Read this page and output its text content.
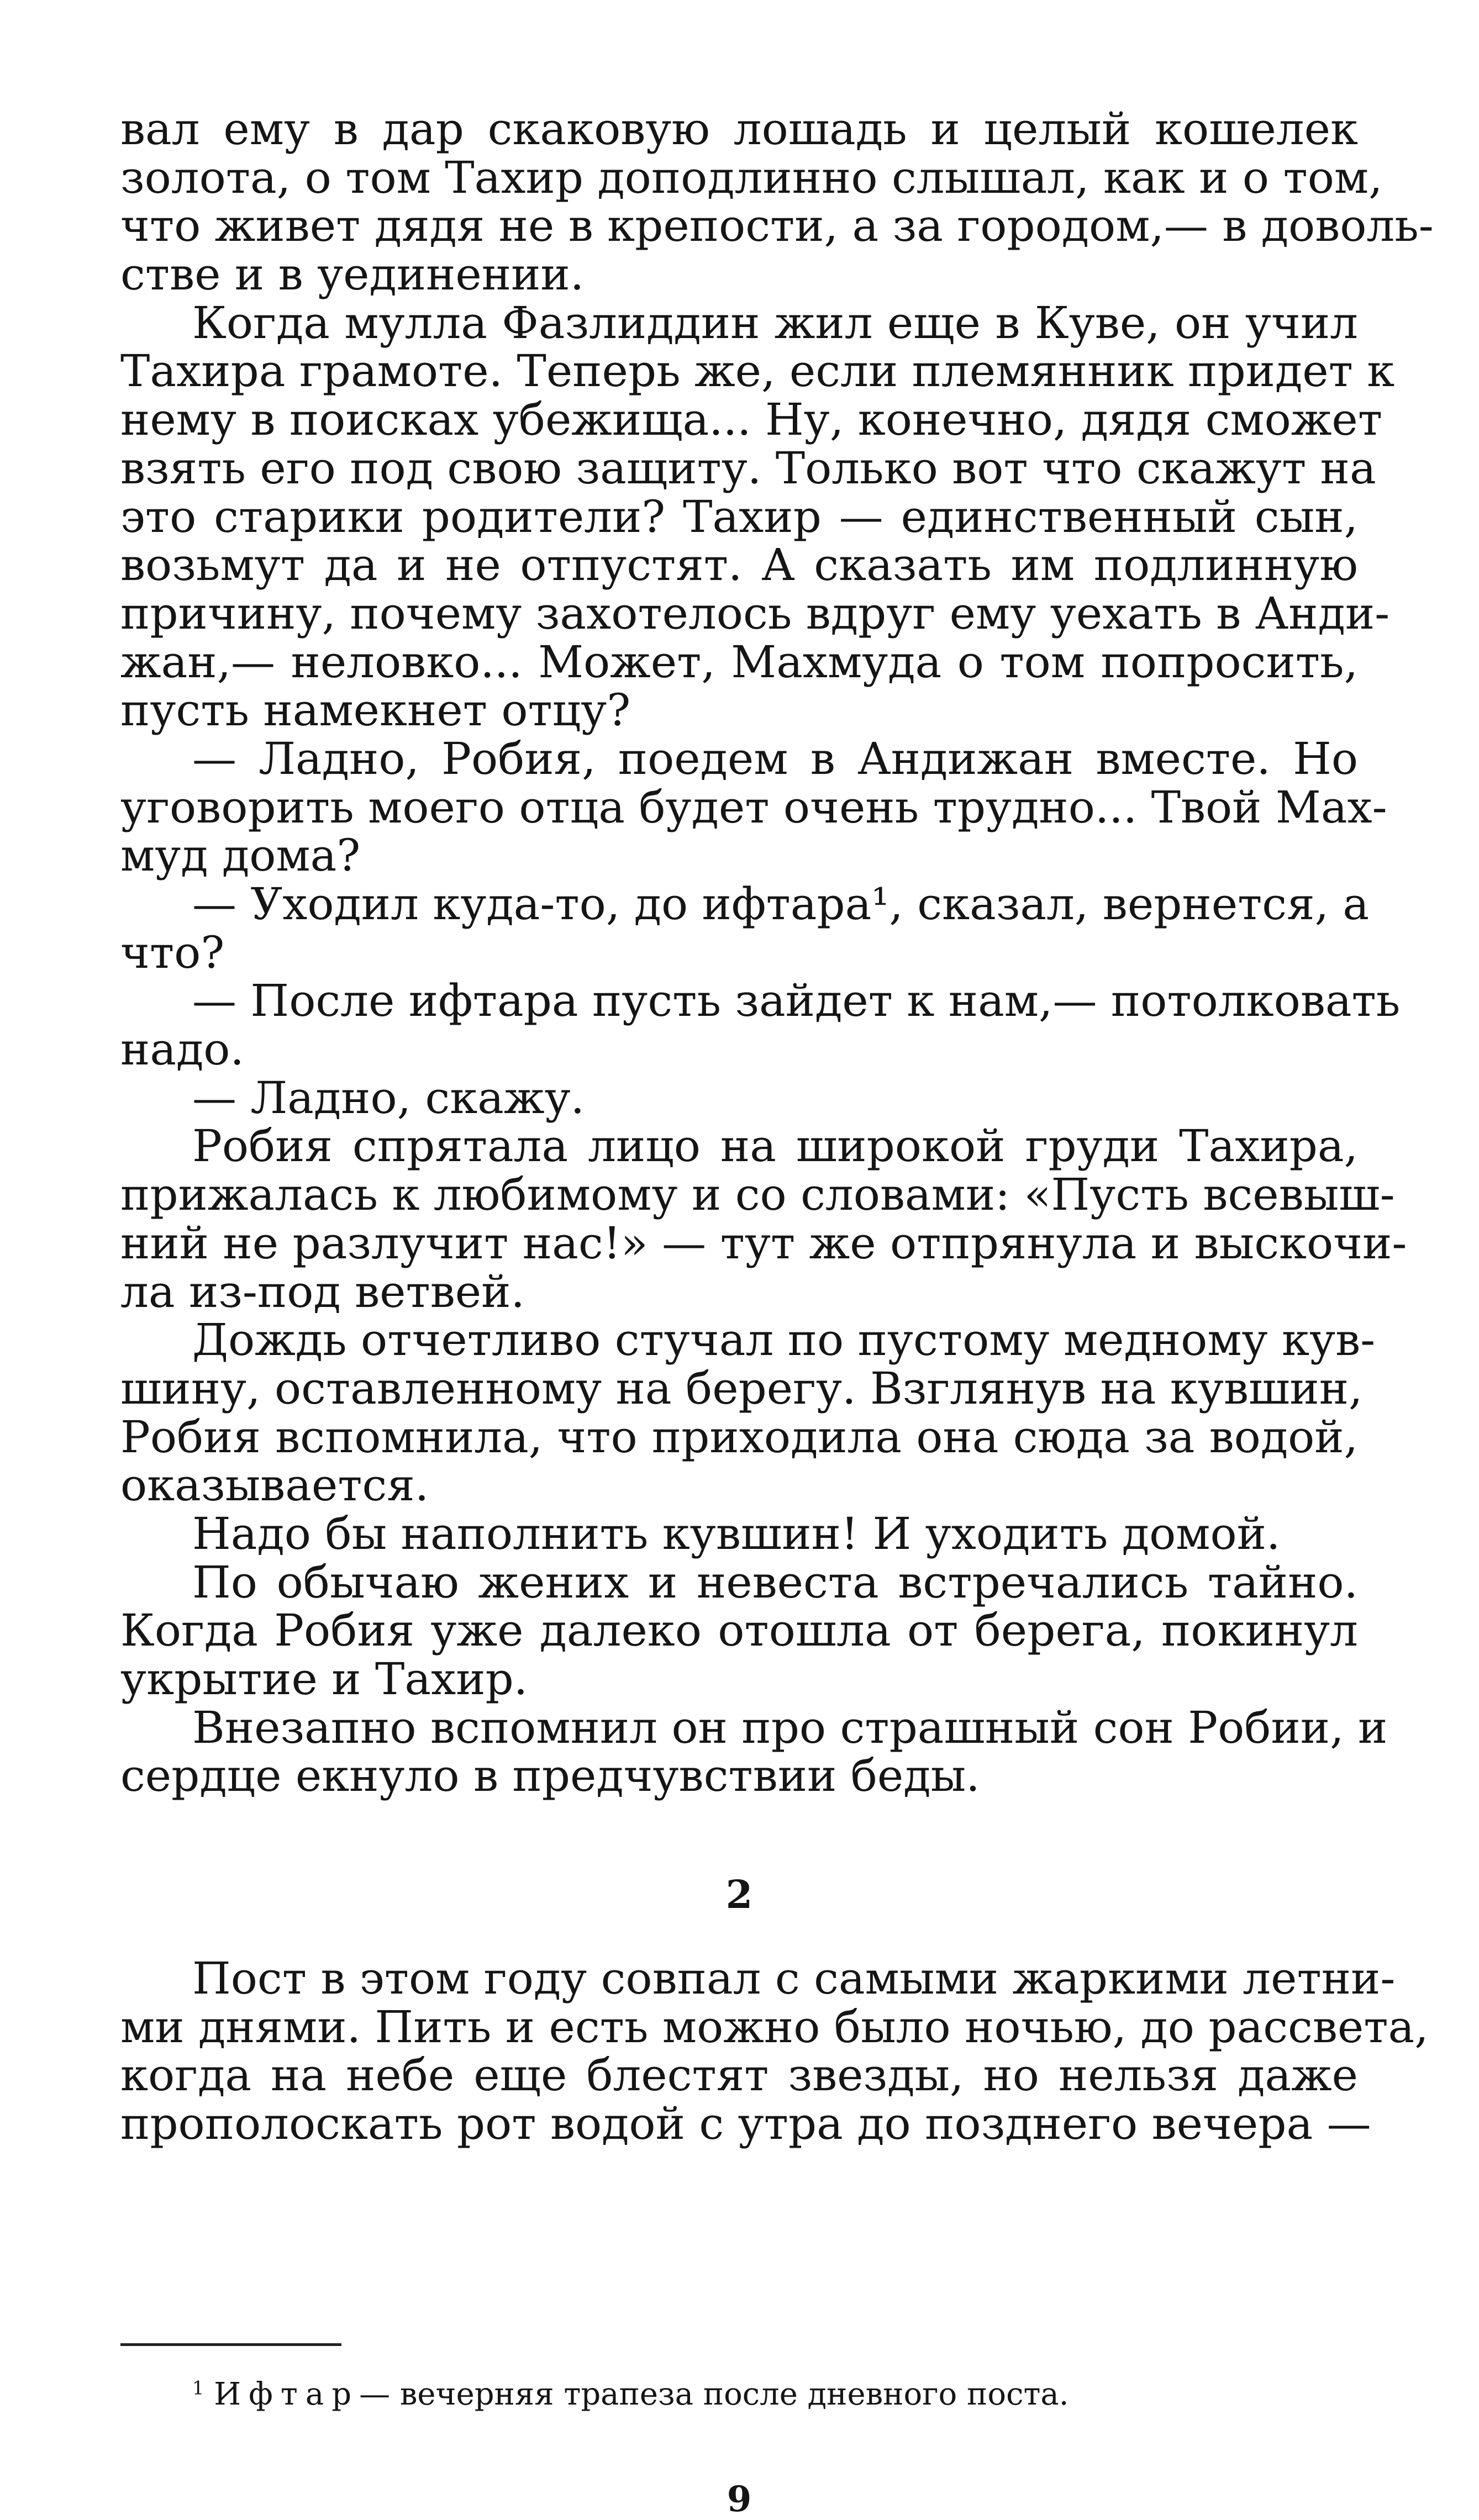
вал ему в дар скаковую лошадь и целый кошелек
золота, о том Тахир доподлинно слышал, как и о том,
что живет дядя не в крепости, а за городом,— в доволь-
стве и в уединении.
Когда мулла Фазлиддин жил еще в Куве, он учил
Тахира грамоте. Теперь же, если племянник придет к
нему в поисках убежища... Ну, конечно, дядя сможет
взять его под свою защиту. Только вот что скажут на
это старики родители? Тахир — единственный сын,
возьмут да и не отпустят. А сказать им подлинную
причину, почему захотелось вдруг ему уехать в Анди-
жан,— неловко... Может, Махмуда о том попросить,
пусть намекнет отцу?
— Ладно, Робия, поедем в Андижан вместе. Но
уговорить моего отца будет очень трудно... Твой Мах-
муд дома?
— Уходил куда-то, до ифтара¹, сказал, вернется, а
что?
— После ифтара пусть зайдет к нам,— потолковать
надо.
— Ладно, скажу.
Робия спрятала лицо на широкой груди Тахира,
прижалась к любимому и со словами: «Пусть всевыш-
ний не разлучит нас!» — тут же отпрянула и выскочи-
ла из-под ветвей.
Дождь отчетливо стучал по пустому медному кув-
шину, оставленному на берегу. Взглянув на кувшин,
Робия вспомнила, что приходила она сюда за водой,
оказывается.
Надо бы наполнить кувшин! И уходить домой.
По обычаю жених и невеста встречались тайно.
Когда Робия уже далеко отошла от берега, покинул
укрытие и Тахир.
Внезапно вспомнил он про страшный сон Робии, и
сердце екнуло в предчувствии беды.
2
Пост в этом году совпал с самыми жаркими летни-
ми днями. Пить и есть можно было ночью, до рассвета,
когда на небе еще блестят звезды, но нельзя даже
прополоскать рот водой с утра до позднего вечера —
$^1$ Ифтар— вечерняя трапеза после дневного поста.
9
